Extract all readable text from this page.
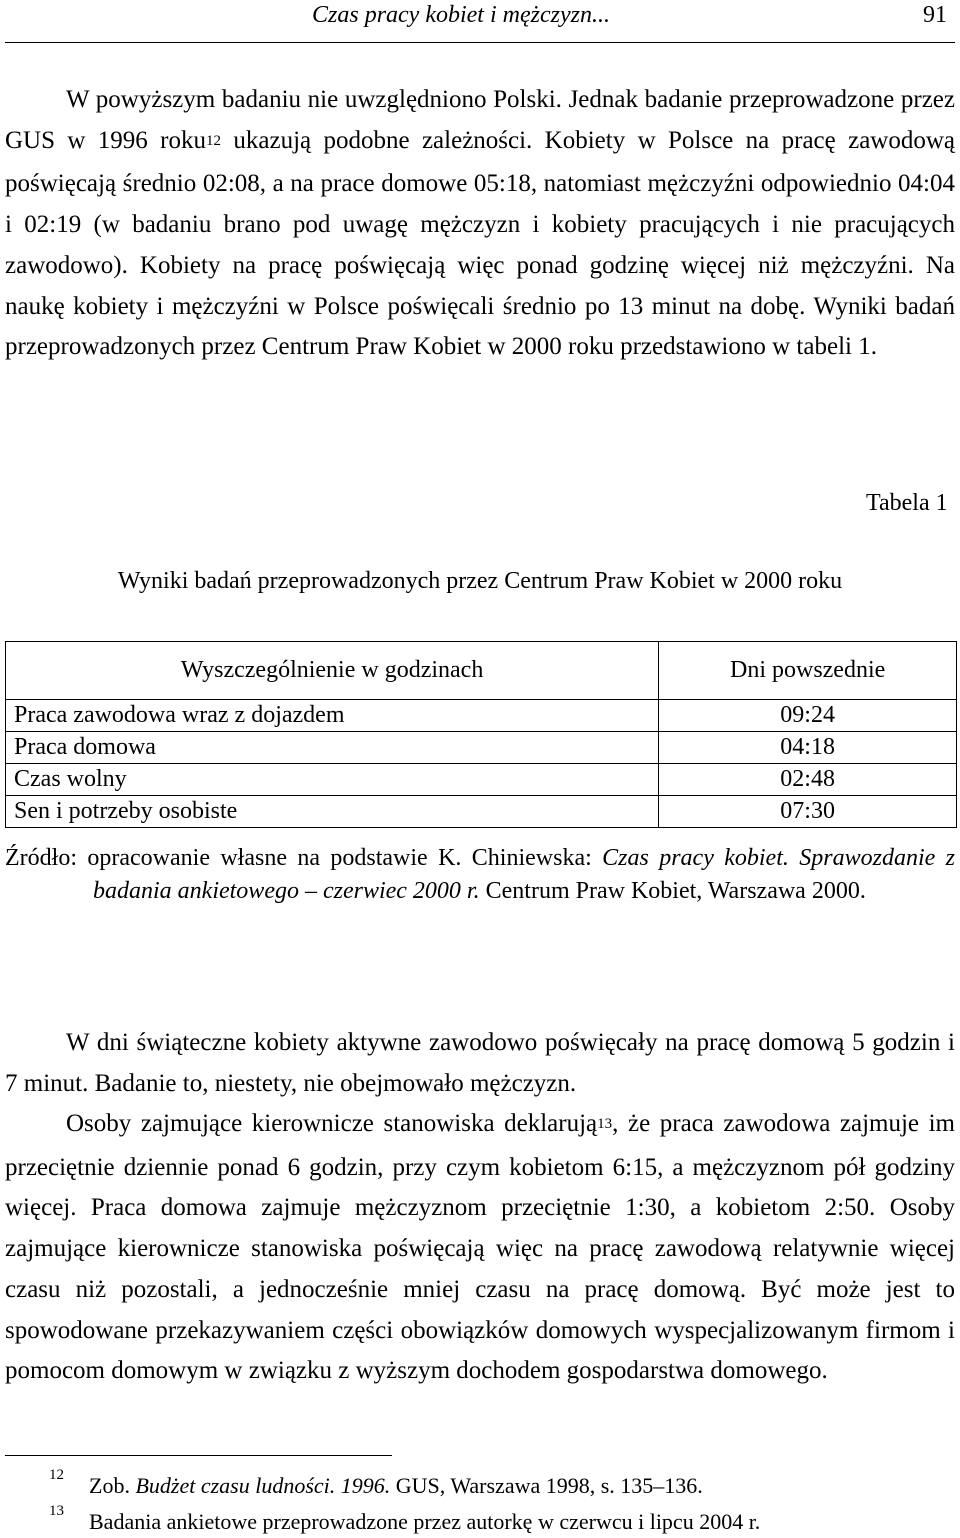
Czas pracy kobiet i mężczyzn...	91

W powyższym badaniu nie uwzględniono Polski. Jednak badanie przeprowadzone przez GUS w 1996 roku$^{12}$ ukazują podobne zależności. Kobiety w Polsce na pracę zawodową poświęcają średnio 02:08, a na prace domowe 05:18, natomiast mężczyźni odpowiednio 04:04 i 02:19 (w badaniu brano pod uwagę mężczyzn i kobiety pracujących i nie pracujących zawodowo). Kobiety na pracę poświęcają więc ponad godzinę więcej niż mężczyźni. Na naukę kobiety i mężczyźni w Polsce poświęcali średnio po 13 minut na dobę. Wyniki badań przeprowadzonych przez Centrum Praw Kobiet w 2000 roku przedstawiono w tabeli 1.

Tabela 1
Wyniki badań przeprowadzonych przez Centrum Praw Kobiet w 2000 roku
Wyszczególnienie w godzinach	Dni powszednie
Praca zawodowa wraz z dojazdem	09:24
Praca domowa	04:18
Czas wolny	02:48
Sen i potrzeby osobiste	07:30

Źródło: opracowanie własne na podstawie K. Chiniewska: Czas pracy kobiet. Sprawozdanie z badania ankietowego – czerwiec 2000 r. Centrum Praw Kobiet, Warszawa 2000.

W dni świąteczne kobiety aktywne zawodowo poświęcały na pracę domową 5 godzin i 7 minut. Badanie to, niestety, nie obejmowało mężczyzn.

Osoby zajmujące kierownicze stanowiska deklarują$^{13}$, że praca zawodowa zajmuje im przeciętnie dziennie ponad 6 godzin, przy czym kobietom 6:15, a mężczyznom pół godziny więcej. Praca domowa zajmuje mężczyznom przeciętnie 1:30, a kobietom 2:50. Osoby zajmujące kierownicze stanowiska poświęcają więc na pracę zawodową relatywnie więcej czasu niż pozostali, a jednocześnie mniej czasu na pracę domową. Być może jest to spowodowane przekazywaniem części obowiązków domowych wyspecjalizowanym firmom i pomocom domowym w związku z wyższym dochodem gospodarstwa domowego.

12 Zob. Budżet czasu ludności. 1996. GUS, Warszawa 1998, s. 135–136.
13 Badania ankietowe przeprowadzone przez autorkę w czerwcu i lipcu 2004 r.
